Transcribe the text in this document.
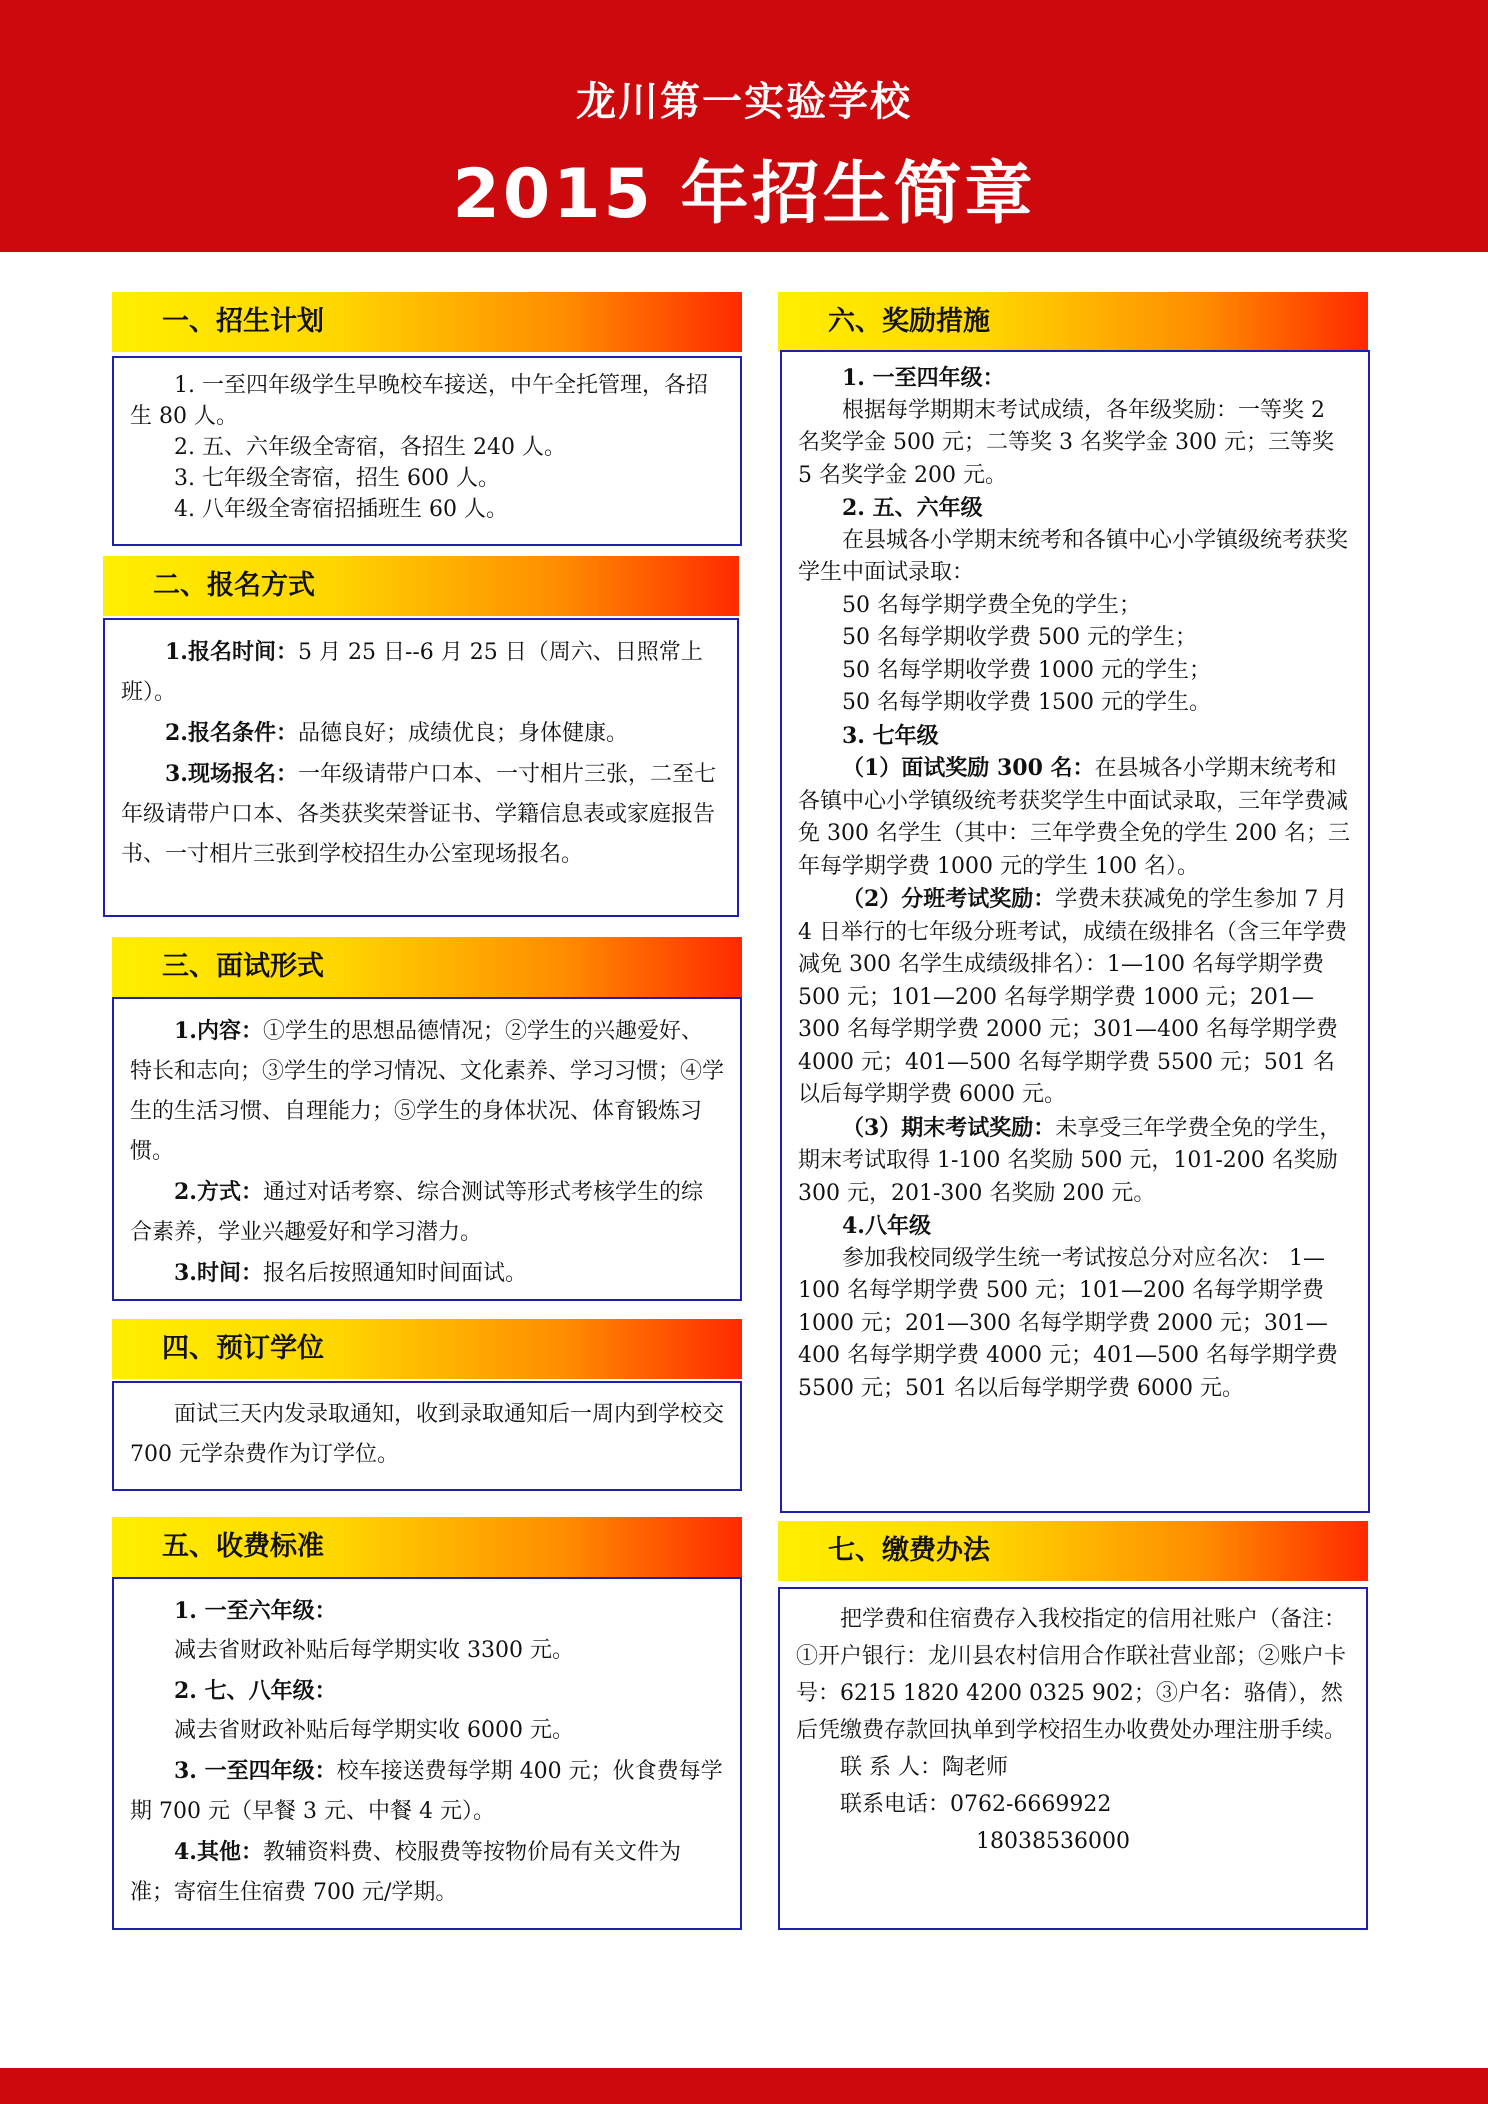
龙川第一实验学校
2015 年招生简章
一、招生计划

1. 一至四年级学生早晚校车接送，中午全托管理，各招生 80 人。

2. 五、六年级全寄宿，各招生 240 人。

3. 七年级全寄宿，招生 600 人。

4. 八年级全寄宿招插班生 60 人。

二、报名方式

1.报名时间：5 月 25 日--6 月 25 日（周六、日照常上班）。

2.报名条件：品德良好；成绩优良；身体健康。

3.现场报名：一年级请带户口本、一寸相片三张，二至七年级请带户口本、各类获奖荣誉证书、学籍信息表或家庭报告书、一寸相片三张到学校招生办公室现场报名。

三、面试形式

1.内容：①学生的思想品德情况；②学生的兴趣爱好、特长和志向；③学生的学习情况、文化素养、学习习惯；④学生的生活习惯、自理能力；⑤学生的身体状况、体育锻炼习惯。

2.方式：通过对话考察、综合测试等形式考核学生的综合素养，学业兴趣爱好和学习潜力。

3.时间：报名后按照通知时间面试。

四、预订学位

面试三天内发录取通知，收到录取通知后一周内到学校交 700 元学杂费作为订学位。

五、收费标准

1. 一至六年级：

减去省财政补贴后每学期实收 3300 元。

2. 七、八年级：

减去省财政补贴后每学期实收 6000 元。

3. 一至四年级：校车接送费每学期 400 元；伙食费每学期 700 元（早餐 3 元、中餐 4 元）。

4.其他：教辅资料费、校服费等按物价局有关文件为准；寄宿生住宿费 700 元/学期。

六、奖励措施

1. 一至四年级：

根据每学期期末考试成绩，各年级奖励：一等奖 2 名奖学金 500 元；二等奖 3 名奖学金 300 元；三等奖 5 名奖学金 200 元。

2. 五、六年级

在县城各小学期末统考和各镇中心小学镇级统考获奖学生中面试录取：

50 名每学期学费全免的学生；

50 名每学期收学费 500 元的学生；

50 名每学期收学费 1000 元的学生；

50 名每学期收学费 1500 元的学生。

3. 七年级

（1）面试奖励 300 名：在县城各小学期末统考和各镇中心小学镇级统考获奖学生中面试录取，三年学费减免 300 名学生（其中：三年学费全免的学生 200 名；三年每学期学费 1000 元的学生 100 名）。

（2）分班考试奖励：学费未获减免的学生参加 7 月 4 日举行的七年级分班考试，成绩在级排名（含三年学费减免 300 名学生成绩级排名）：1—100 名每学期学费 500 元；101—200 名每学期学费 1000 元；201—300 名每学期学费 2000 元；301—400 名每学期学费 4000 元；401—500 名每学期学费 5500 元；501 名以后每学期学费 6000 元。

（3）期末考试奖励：未享受三年学费全免的学生，期末考试取得 1-100 名奖励 500 元，101-200 名奖励 300 元，201-300 名奖励 200 元。

4.八年级

参加我校同级学生统一考试按总分对应名次： 1—100 名每学期学费 500 元；101—200 名每学期学费 1000 元；201—300 名每学期学费 2000 元；301—400 名每学期学费 4000 元；401—500 名每学期学费 5500 元；501 名以后每学期学费 6000 元。

七、缴费办法

把学费和住宿费存入我校指定的信用社账户（备注：①开户银行：龙川县农村信用合作联社营业部；②账户卡号：6215 1820 4200 0325 902；③户名：骆倩），然后凭缴费存款回执单到学校招生办收费处办理注册手续。

联 系 人：陶老师

联系电话：0762-6669922

18038536000
